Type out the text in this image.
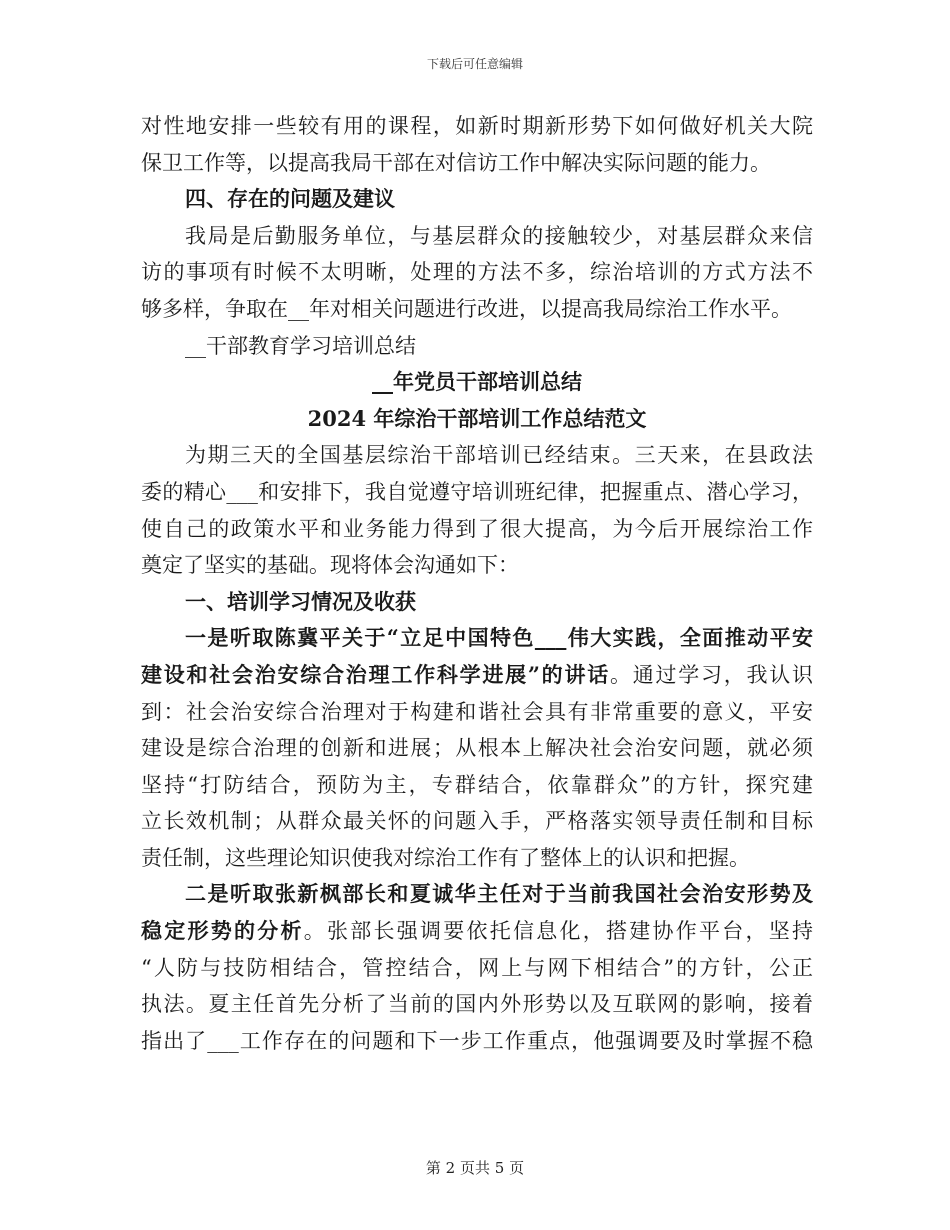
下载后可任意编辑
对性地安排一些较有用的课程，如新时期新形势下如何做好机关大院
保卫工作等，以提高我局干部在对信访工作中解决实际问题的能力。
四、存在的问题及建议
我局是后勤服务单位，与基层群众的接触较少，对基层群众来信
访的事项有时候不太明晰，处理的方法不多，综治培训的方式方法不
够多样，争取在__年对相关问题进行改进，以提高我局综治工作水平。
__干部教育学习培训总结
__年党员干部培训总结
2024 年综治干部培训工作总结范文
为期三天的全国基层综治干部培训已经结束。三天来，在县政法
委的精心___和安排下，我自觉遵守培训班纪律，把握重点、潜心学习，
使自己的政策水平和业务能力得到了很大提高，为今后开展综治工作
奠定了坚实的基础。现将体会沟通如下：
一、培训学习情况及收获
一是听取陈冀平关于“立足中国特色___伟大实践，全面推动平安
建设和社会治安综合治理工作科学进展”的讲话。通过学习，我认识
到：社会治安综合治理对于构建和谐社会具有非常重要的意义，平安
建设是综合治理的创新和进展；从根本上解决社会治安问题，就必须
坚持“打防结合，预防为主，专群结合，依靠群众”的方针，探究建
立长效机制；从群众最关怀的问题入手，严格落实领导责任制和目标
责任制，这些理论知识使我对综治工作有了整体上的认识和把握。
二是听取张新枫部长和夏诚华主任对于当前我国社会治安形势及
稳定形势的分析。张部长强调要依托信息化，搭建协作平台，坚持
“人防与技防相结合，管控结合，网上与网下相结合”的方针，公正
执法。夏主任首先分析了当前的国内外形势以及互联网的影响，接着
指出了___工作存在的问题和下一步工作重点，他强调要及时掌握不稳
第 2 页共 5 页
